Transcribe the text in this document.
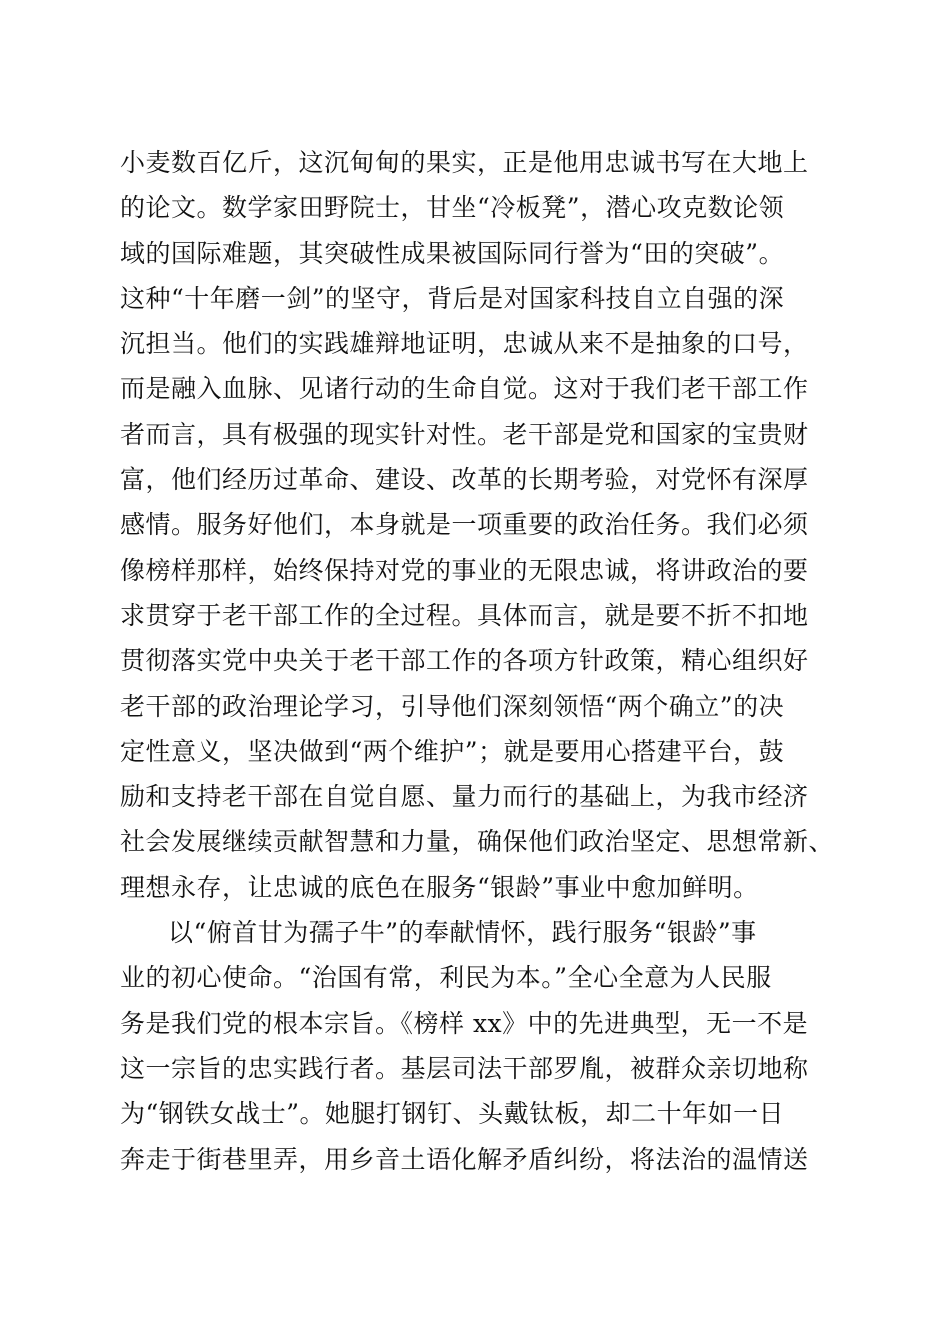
小麦数百亿斤，这沉甸甸的果实，正是他用忠诚书写在大地上
的论文。数学家田野院士，甘坐“冷板凳”，潜心攻克数论领
域的国际难题，其突破性成果被国际同行誉为“田的突破”。
这种“十年磨一剑”的坚守，背后是对国家科技自立自强的深
沉担当。他们的实践雄辩地证明，忠诚从来不是抽象的口号，
而是融入血脉、见诸行动的生命自觉。这对于我们老干部工作
者而言，具有极强的现实针对性。老干部是党和国家的宝贵财
富，他们经历过革命、建设、改革的长期考验，对党怀有深厚
感情。服务好他们，本身就是一项重要的政治任务。我们必须
像榜样那样，始终保持对党的事业的无限忠诚，将讲政治的要
求贯穿于老干部工作的全过程。具体而言，就是要不折不扣地
贯彻落实党中央关于老干部工作的各项方针政策，精心组织好
老干部的政治理论学习，引导他们深刻领悟“两个确立”的决
定性意义，坚决做到“两个维护”；就是要用心搭建平台，鼓
励和支持老干部在自觉自愿、量力而行的基础上，为我市经济
社会发展继续贡献智慧和力量，确保他们政治坚定、思想常新、
理想永存，让忠诚的底色在服务“银龄”事业中愈加鲜明。
以“俯首甘为孺子牛”的奉献情怀，践行服务“银龄”事
业的初心使命。“治国有常，利民为本。”全心全意为人民服
务是我们党的根本宗旨。《榜样 xx》中的先进典型，无一不是
这一宗旨的忠实践行者。基层司法干部罗胤，被群众亲切地称
为“钢铁女战士”。她腿打钢钉、头戴钛板，却二十年如一日
奔走于街巷里弄，用乡音土语化解矛盾纠纷，将法治的温情送
